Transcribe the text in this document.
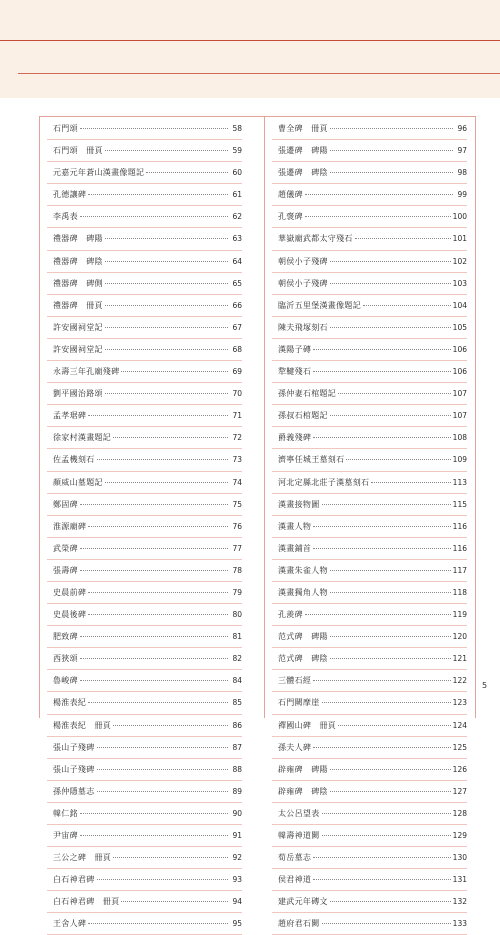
石門頌	58
石門頌　冊頁	59
元嘉元年蒼山漢畫像題記	60
孔德讓碑	61
李禹表	62
禮器碑　碑陽	63
禮器碑　碑陰	64
禮器碑　碑側	65
禮器碑　冊頁	66
許安國祠堂記	67
許安國祠堂記	68
永壽三年孔廟殘碑	69
劉平國治路頌	70
孟孝琚碑	71
徐家村漢畫題記	72
佐孟機刻石	73
顏威山墓題記	74
鄭固碑	75
淮源廟碑	76
武榮碑	77
張壽碑	78
史晨前碑	79
史晨後碑	80
肥致碑	81
西狹頌	82
魯峻碑	84
楊淮表紀	85
楊淮表紀　冊頁	86
張山子殘碑	87
張山子殘碑	88
孫仲隱墓志	89
韓仁銘	90
尹宙碑	91
三公之碑　冊頁	92
白石神君碑	93
白石神君碑　冊頁	94
王舍人碑	95
曹全碑　冊頁	96
張遷碑　碑陽	97
張遷碑　碑陰	98
趙儀碑	99
孔褒碑	100
華嶽廟武都太守殘石	101
朝侯小子殘碑	102
朝侯小子殘碑	103
臨沂五里堡漢畫像題記	104
陳夫飛塚刻石	105
漢陽子磚	106
犂鞬殘石	106
孫仲妻石棺題記	107
孫叔石棺題記	107
爵義殘碑	108
濟寧任城王墓刻石	109
河北定縣北莊子漢墓刻石	113
漢畫接物圖	115
漢畫人物	116
漢畫鋪首	116
漢畫朱雀人物	117
漢畫獨角人物	118
孔羨碑	119
范式碑　碑陽	120
范式碑　碑陰	121
三體石經	122
石門闕摩崖	123
禪國山碑　冊頁	124
孫夫人碑	125
辟雍碑　碑陽	126
辟雍碑　碑陰	127
太公呂望表	128
韓壽神道闕	129
荀岳墓志	130
侯君神道	131
建武元年磚文	132
趙府君石闕	133
5
